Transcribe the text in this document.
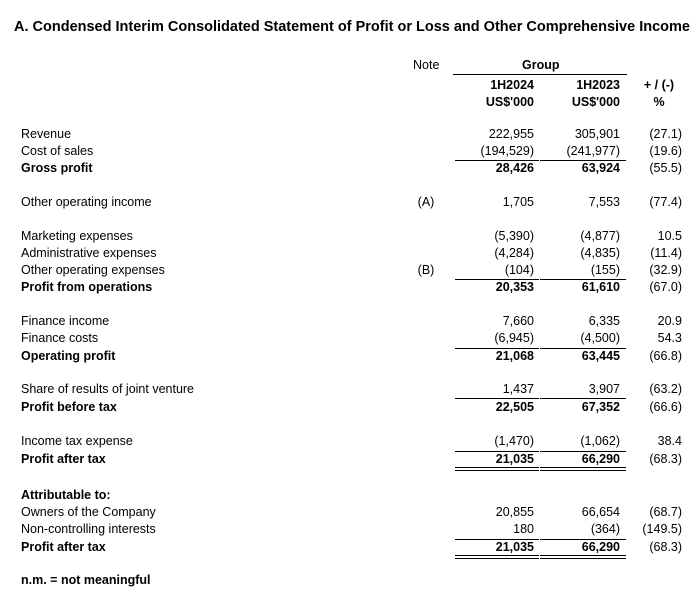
A. Condensed Interim Consolidated Statement of Profit or Loss and Other Comprehensive Income
Note	Group
1H2024	1H2023	+ / (-)
US$'000	US$'000	%
Revenue	222,955	305,901	(27.1)
Cost of sales	(194,529)	(241,977)	(19.6)
Gross profit	28,426	63,924	(55.5)
Other operating income	(A)	1,705	7,553	(77.4)
Marketing expenses	(5,390)	(4,877)	10.5
Administrative expenses	(4,284)	(4,835)	(11.4)
Other operating expenses	(B)	(104)	(155)	(32.9)
Profit from operations	20,353	61,610	(67.0)
Finance income	7,660	6,335	20.9
Finance costs	(6,945)	(4,500)	54.3
Operating profit	21,068	63,445	(66.8)
Share of results of joint venture	1,437	3,907	(63.2)
Profit before tax	22,505	67,352	(66.6)
Income tax expense	(1,470)	(1,062)	38.4
Profit after tax	21,035	66,290	(68.3)
Attributable to:
Owners of the Company	20,855	66,654	(68.7)
Non-controlling interests	180	(364)	(149.5)
Profit after tax	21,035	66,290	(68.3)
n.m. = not meaningful
